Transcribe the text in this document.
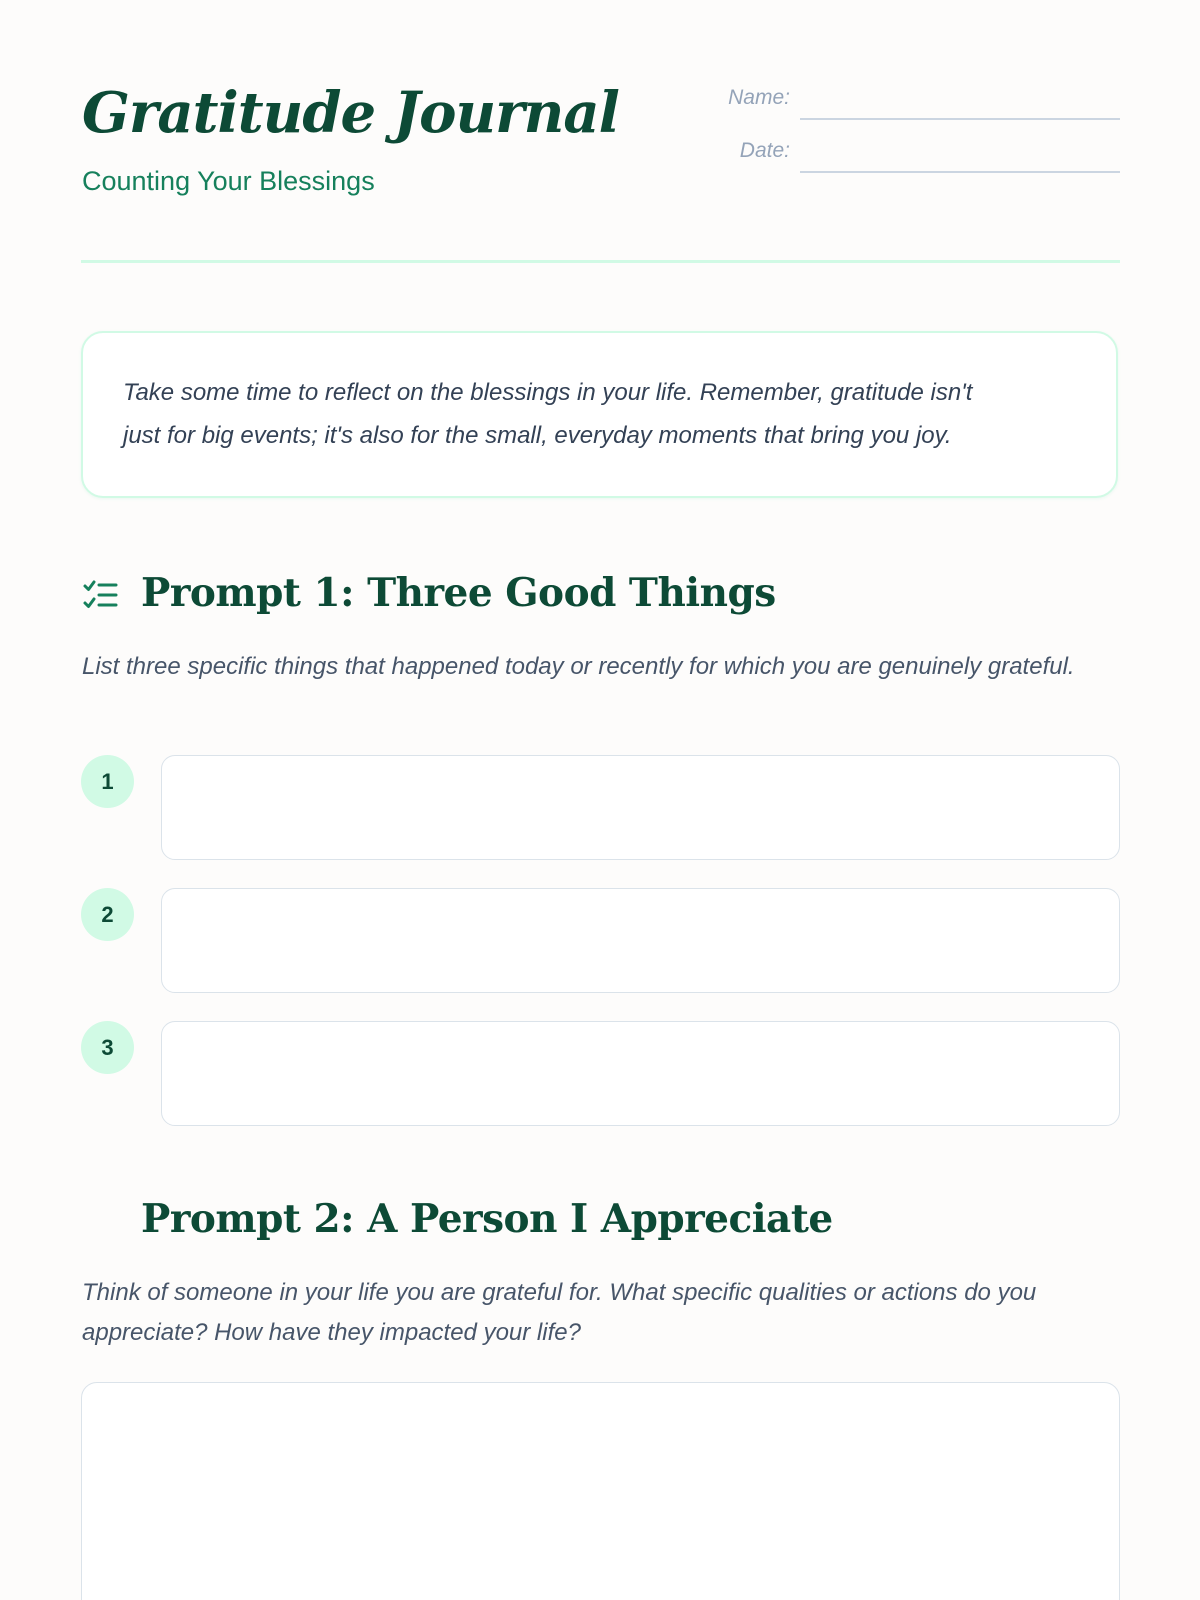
Gratitude Journal
Counting Your Blessings
Name:
Date:

Take some time to reflect on the blessings in your life. Remember, gratitude isn't
just for big events; it's also for the small, everyday moments that bring you joy.

Prompt 1: Three Good Things

List three specific things that happened today or recently for which you are genuinely grateful.

1
2
3
Prompt 2: A Person I Appreciate

Think of someone in your life you are grateful for. What specific qualities or actions do you appreciate? How have they impacted your life?
